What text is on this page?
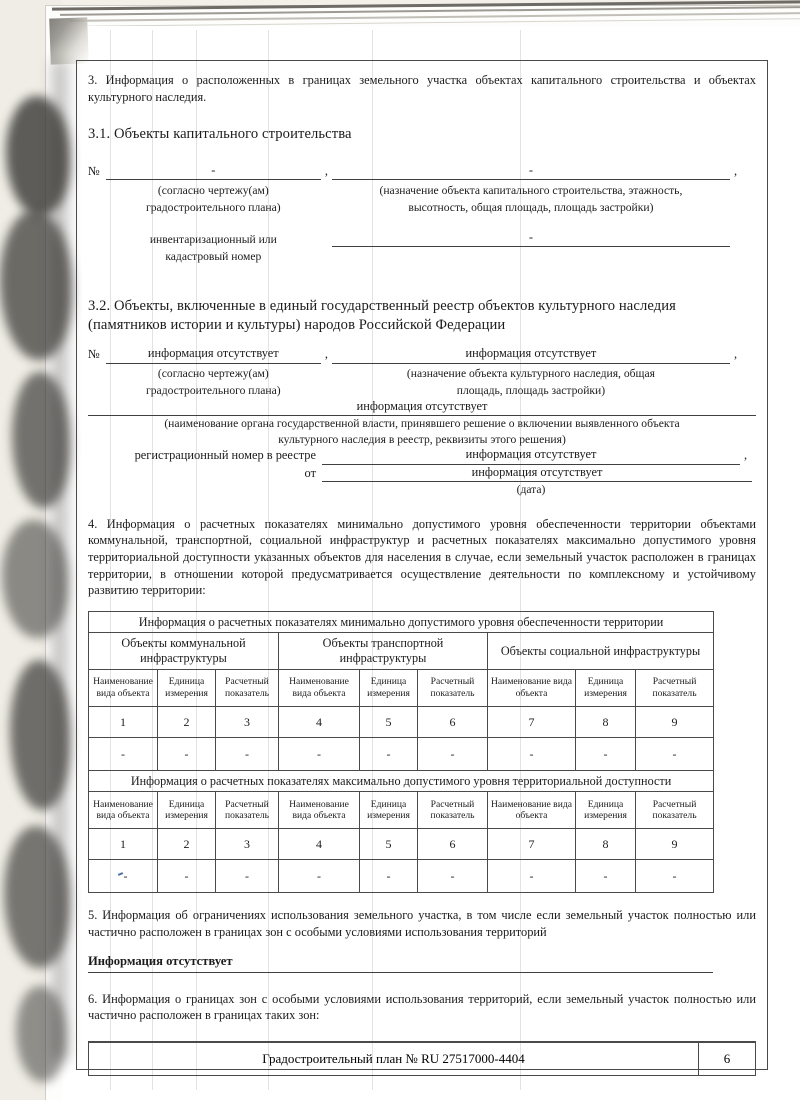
3. Информация о расположенных в границах земельного участка объектах капитального строительства и объектах культурного наследия.

3.1. Объекты капитального строительства

№	-	,	-	,
(согласно чертежу(ам)	(назначение объекта капитального строительства, этажность,
градостроительного плана)	высотность, общая площадь, площадь застройки)
инвентаризационный или	-
кадастровый номер

3.2. Объекты, включенные в единый государственный реестр объектов культурного наследия (памятников истории и культуры) народов Российской Федерации

№	информация отсутствует	,	информация отсутствует	,
(согласно чертежу(ам)	(назначение объекта культурного наследия, общая
градостроительного плана)	площадь, площадь застройки)
информация отсутствует
(наименование органа государственной власти, принявшего решение о включении выявленного объекта
культурного наследия в реестр, реквизиты этого решения)
регистрационный номер в реестре	информация отсутствует	,
от	информация отсутствует
(дата)

4. Информация о расчетных показателях минимально допустимого уровня обеспеченности территории объектами коммунальной, транспортной, социальной инфраструктур и расчетных показателях максимально допустимого уровня территориальной доступности указанных объектов для населения в случае, если земельный участок расположен в границах территории, в отношении которой предусматривается осуществление деятельности по комплексному и устойчивому развитию территории:

Информация о расчетных показателях минимально допустимого уровня обеспеченности территории								
Объекты коммунальной инфраструктуры			Объекты транспортной инфраструктуры			Объекты социальной инфраструктуры		
Наименование вида объекта	Единица измерения	Расчетный показатель	Наименование вида объекта	Единица измерения	Расчетный показатель	Наименование вида объекта	Единица измерения	Расчетный показатель
1	2	3	4	5	6	7	8	9
-	-	-	-	-	-	-	-	-
Информация о расчетных показателях максимально допустимого уровня территориальной доступности								
Наименование вида объекта	Единица измерения	Расчетный показатель	Наименование вида объекта	Единица измерения	Расчетный показатель	Наименование вида объекта	Единица измерения	Расчетный показатель
1	2	3	4	5	6	7	8	9
-	-	-	-	-	-	-	-	-

5. Информация об ограничениях использования земельного участка, в том числе если земельный участок полностью или частично расположен в границах зон с особыми условиями использования территорий

Информация отсутствует

6. Информация о границах зон с особыми условиями использования территорий, если земельный участок полностью или частично расположен в границах таких зон:

Градостроительный план № RU 27517000-4404	6
